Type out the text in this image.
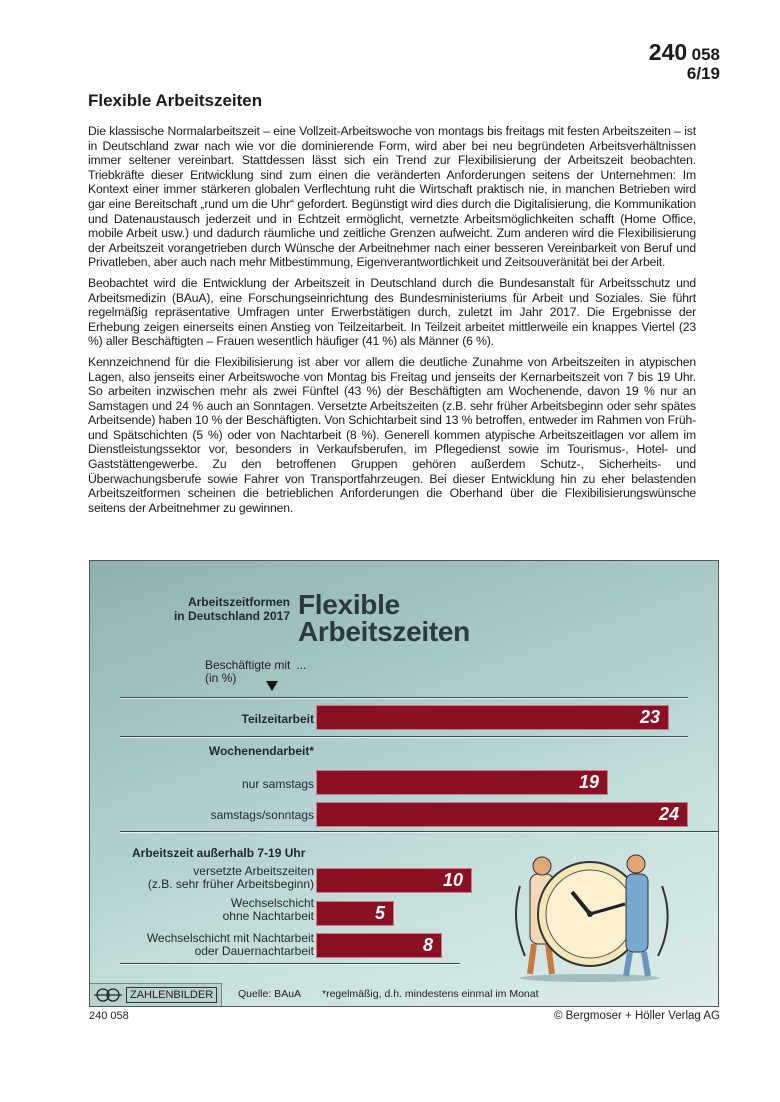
240 058
6/19
Flexible Arbeitszeiten

Die klassische Normalarbeitszeit – eine Vollzeit-Arbeitswoche von montags bis freitags mit festen Arbeitszeiten – ist in Deutschland zwar nach wie vor die dominierende Form, wird aber bei neu begründeten Arbeitsverhältnissen immer seltener vereinbart. Stattdessen lässt sich ein Trend zur Flexibilisierung der Arbeitszeit beobachten. Triebkräfte dieser Entwicklung sind zum einen die veränderten Anforderungen seitens der Unternehmen: Im Kontext einer immer stärkeren globalen Verflechtung ruht die Wirtschaft praktisch nie, in manchen Betrieben wird gar eine Bereitschaft „rund um die Uhr“ gefordert. Begünstigt wird dies durch die Digitalisierung, die Kommunikation und Datenaustausch jederzeit und in Echtzeit ermöglicht, vernetzte Arbeitsmöglichkeiten schafft (Home Office, mobile Arbeit usw.) und dadurch räumliche und zeitliche Grenzen aufweicht. Zum anderen wird die Flexibilisierung der Arbeitszeit vorangetrieben durch Wünsche der Arbeitnehmer nach einer besseren Vereinbarkeit von Beruf und Privatleben, aber auch nach mehr Mitbestimmung, Eigenverantwortlichkeit und Zeitsouveränität bei der Arbeit.

Beobachtet wird die Entwicklung der Arbeitszeit in Deutschland durch die Bundesanstalt für Arbeitsschutz und Arbeitsmedizin (BAuA), eine Forschungseinrichtung des Bundesministeriums für Arbeit und Soziales. Sie führt regelmäßig repräsentative Umfragen unter Erwerbstätigen durch, zuletzt im Jahr 2017. Die Ergebnisse der Erhebung zeigen einerseits einen Anstieg von Teilzeitarbeit. In Teilzeit arbeitet mittlerweile ein knappes Viertel (23 %) aller Beschäftigten – Frauen wesentlich häufiger (41 %) als Männer (6 %).

Kennzeichnend für die Flexibilisierung ist aber vor allem die deutliche Zunahme von Arbeitszeiten in atypischen Lagen, also jenseits einer Arbeitswoche von Montag bis Freitag und jenseits der Kernarbeitszeit von 7 bis 19 Uhr. So arbeiten inzwischen mehr als zwei Fünftel (43 %) der Beschäftigten am Wochenende, davon 19 % nur an Samstagen und 24 % auch an Sonntagen. Versetzte Arbeitszeiten (z.B. sehr früher Arbeitsbeginn oder sehr spätes Arbeitsende) haben 10 % der Beschäftigten. Von Schichtarbeit sind 13 % betroffen, entweder im Rahmen von Früh- und Spätschichten (5 %) oder von Nachtarbeit (8 %). Generell kommen atypische Arbeitszeitlagen vor allem im Dienstleistungssektor vor, besonders in Verkaufsberufen, im Pflegedienst sowie im Tourismus-, Hotel- und Gaststättengewerbe. Zu den betroffenen Gruppen gehören außerdem Schutz-, Sicherheits- und Überwachungsberufe sowie Fahrer von Transportfahrzeugen. Bei dieser Entwicklung hin zu eher belastenden Arbeitszeitformen scheinen die betrieblichen Anforderungen die Oberhand über die Flexibilisierungswünsche seitens der Arbeitnehmer zu gewinnen.

Arbeitszeitformen
in Deutschland 2017 Flexible
Arbeitszeiten
Beschäftigte mit ...
(in %)
Teilzeitarbeit	23
Wochenendarbeit*
nur samstags	19
samstags/sonntags	24
Arbeitszeit außerhalb 7-19 Uhr
versetzte Arbeitszeiten
(z.B. sehr früher Arbeitsbeginn)	10
Wechselschicht
ohne Nachtarbeit	5
Wechselschicht mit Nachtarbeit
oder Dauernachtarbeit	8
ZAHLENBILDER	Quelle: BAuA *regelmäßig, d.h. mindestens einmal im Monat
240 058	© Bergmoser + Höller Verlag AG
